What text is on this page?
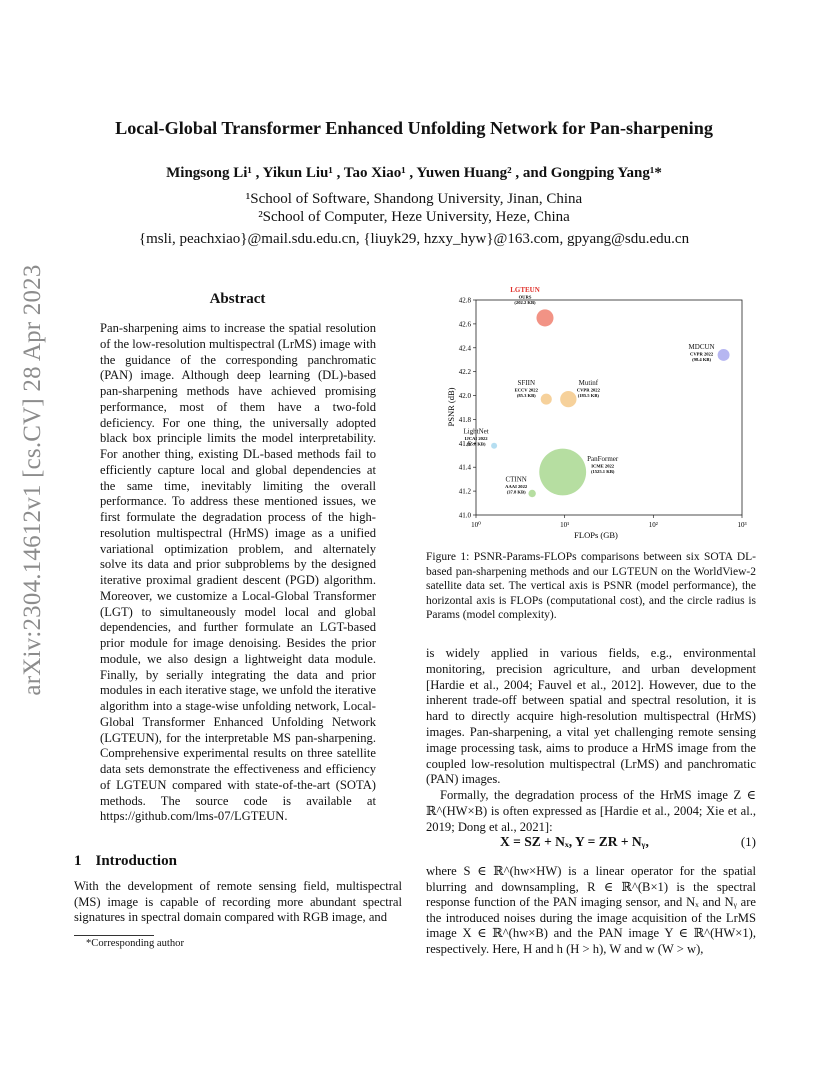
arXiv:2304.14612v1 [cs.CV] 28 Apr 2023
Local-Global Transformer Enhanced Unfolding Network for Pan-sharpening
Mingsong Li¹ , Yikun Liu¹ , Tao Xiao¹ , Yuwen Huang² , and Gongping Yang¹*
¹School of Software, Shandong University, Jinan, China
²School of Computer, Heze University, Heze, China
{msli, peachxiao}@mail.sdu.edu.cn, {liuyk29, hzxy_hyw}@163.com, gpyang@sdu.edu.cn
Abstract
Pan-sharpening aims to increase the spatial resolution of the low-resolution multispectral (LrMS) image with the guidance of the corresponding panchromatic (PAN) image. Although deep learning (DL)-based pan-sharpening methods have achieved promising performance, most of them have a two-fold deficiency. For one thing, the universally adopted black box principle limits the model interpretability. For another thing, existing DL-based methods fail to efficiently capture local and global dependencies at the same time, inevitably limiting the overall performance. To address these mentioned issues, we first formulate the degradation process of the high-resolution multispectral (HrMS) image as a unified variational optimization problem, and alternately solve its data and prior subproblems by the designed iterative proximal gradient descent (PGD) algorithm. Moreover, we customize a Local-Global Transformer (LGT) to simultaneously model local and global dependencies, and further formulate an LGT-based prior module for image denoising. Besides the prior module, we also design a lightweight data module. Finally, by serially integrating the data and prior modules in each iterative stage, we unfold the iterative algorithm into a stage-wise unfolding network, Local-Global Transformer Enhanced Unfolding Network (LGTEUN), for the interpretable MS pan-sharpening. Comprehensive experimental results on three satellite data sets demonstrate the effectiveness and efficiency of LGTEUN compared with state-of-the-art (SOTA) methods. The source code is available at https://github.com/lms-07/LGTEUN.
1 Introduction
With the development of remote sensing field, multispectral (MS) image is capable of recording more abundant spectral signatures in spectral domain compared with RGB image, and
*Corresponding author
41.0
41.2
41.4
41.6
41.8
42.0
42.2
42.4
42.6
42.8
10⁰	10¹	10²	10³
LGTEUN
OURS
(202.2 KB)
MDCUN
CVPR 2022
(98.4 KB)
SFIIN
ECCV 2022
(85.3 KB)
Mutinf
CVPR 2022
(185.5 KB)
LightNet
IJCAI 2022
(15.8 KB)
PanFormer
ICME 2022
(1525.1 KB)
CTINN
AAAI 2022
(37.8 KB)
FLOPs (GB)
PSNR (dB)
Figure 1: PSNR-Params-FLOPs comparisons between six SOTA DL-based pan-sharpening methods and our LGTEUN on the WorldView-2 satellite data set. The vertical axis is PSNR (model performance), the horizontal axis is FLOPs (computational cost), and the circle radius is Params (model complexity).

is widely applied in various fields, e.g., environmental monitoring, precision agriculture, and urban development [Hardie et al., 2004; Fauvel et al., 2012]. However, due to the inherent trade-off between spatial and spectral resolution, it is hard to directly acquire high-resolution multispectral (HrMS) images. Pan-sharpening, a vital yet challenging remote sensing image processing task, aims to produce a HrMS image from the coupled low-resolution multispectral (LrMS) and panchromatic (PAN) images.

Formally, the degradation process of the HrMS image Z ∈ ℝ^(HW×B) is often expressed as [Hardie et al., 2004; Xie et al., 2019; Dong et al., 2021]:

X = SZ + Nₓ, Y = ZR + Nᵧ,	(1)
where S ∈ ℝ^(hw×HW) is a linear operator for the spatial blurring and downsampling, R ∈ ℝ^(B×1) is the spectral response function of the PAN imaging sensor, and Nₓ and Nᵧ are the introduced noises during the image acquisition of the LrMS image X ∈ ℝ^(hw×B) and the PAN image Y ∈ ℝ^(HW×1), respectively. Here, H and h (H > h), W and w (W > w),
